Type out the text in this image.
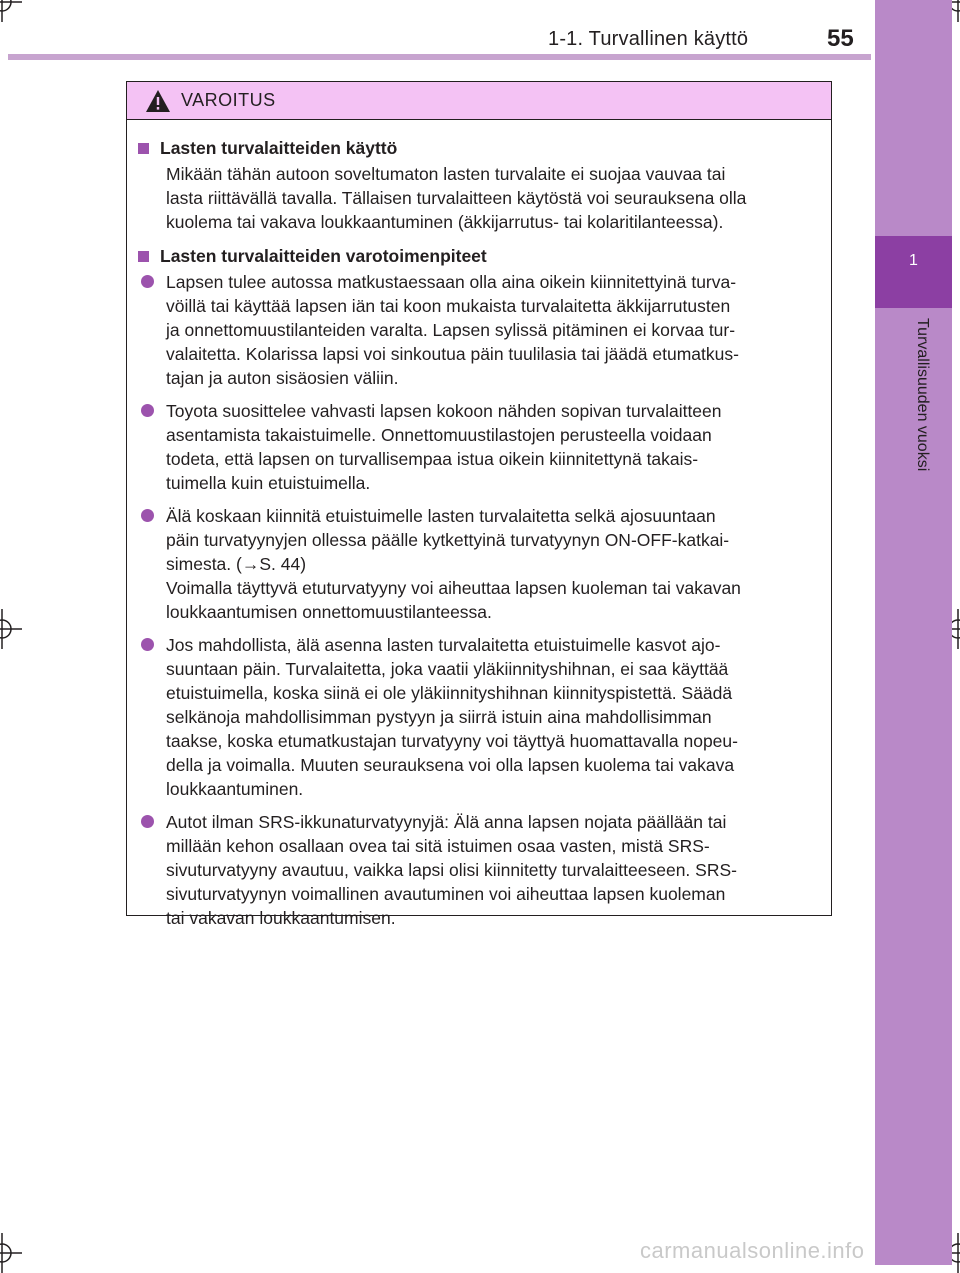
1
Turvallisuuden vuoksi
1-1. Turvallinen käyttö	55
VAROITUS
Lasten turvalaitteiden käyttö
Mikään tähän autoon soveltumaton lasten turvalaite ei suojaa vauvaa tai
lasta riittävällä tavalla. Tällaisen turvalaitteen käytöstä voi seurauksena olla
kuolema tai vakava loukkaantuminen (äkkijarrutus- tai kolaritilanteessa).
Lasten turvalaitteiden varotoimenpiteet
Lapsen tulee autossa matkustaessaan olla aina oikein kiinnitettyinä turva-
vöillä tai käyttää lapsen iän tai koon mukaista turvalaitetta äkkijarrutusten
ja onnettomuustilanteiden varalta. Lapsen sylissä pitäminen ei korvaa tur-
valaitetta. Kolarissa lapsi voi sinkoutua päin tuulilasia tai jäädä etumatkus-
tajan ja auton sisäosien väliin.
Toyota suosittelee vahvasti lapsen kokoon nähden sopivan turvalaitteen
asentamista takaistuimelle. Onnettomuustilastojen perusteella voidaan
todeta, että lapsen on turvallisempaa istua oikein kiinnitettynä takais-
tuimella kuin etuistuimella.
Älä koskaan kiinnitä etuistuimelle lasten turvalaitetta selkä ajosuuntaan
päin turvatyynyjen ollessa päälle kytkettyinä turvatyynyn ON-OFF-katkai-
simesta. (→S. 44)
Voimalla täyttyvä etuturvatyyny voi aiheuttaa lapsen kuoleman tai vakavan
loukkaantumisen onnettomuustilanteessa.
Jos mahdollista, älä asenna lasten turvalaitetta etuistuimelle kasvot ajo-
suuntaan päin. Turvalaitetta, joka vaatii yläkiinnityshihnan, ei saa käyttää
etuistuimella, koska siinä ei ole yläkiinnityshihnan kiinnityspistettä. Säädä
selkänoja mahdollisimman pystyyn ja siirrä istuin aina mahdollisimman
taakse, koska etumatkustajan turvatyyny voi täyttyä huomattavalla nopeu-
della ja voimalla. Muuten seurauksena voi olla lapsen kuolema tai vakava
loukkaantuminen.
Autot ilman SRS-ikkunaturvatyynyjä: Älä anna lapsen nojata päällään tai
millään kehon osallaan ovea tai sitä istuimen osaa vasten, mistä SRS-
sivuturvatyyny avautuu, vaikka lapsi olisi kiinnitetty turvalaitteeseen. SRS-
sivuturvatyynyn voimallinen avautuminen voi aiheuttaa lapsen kuoleman
tai vakavan loukkaantumisen.
carmanualsonline.info
